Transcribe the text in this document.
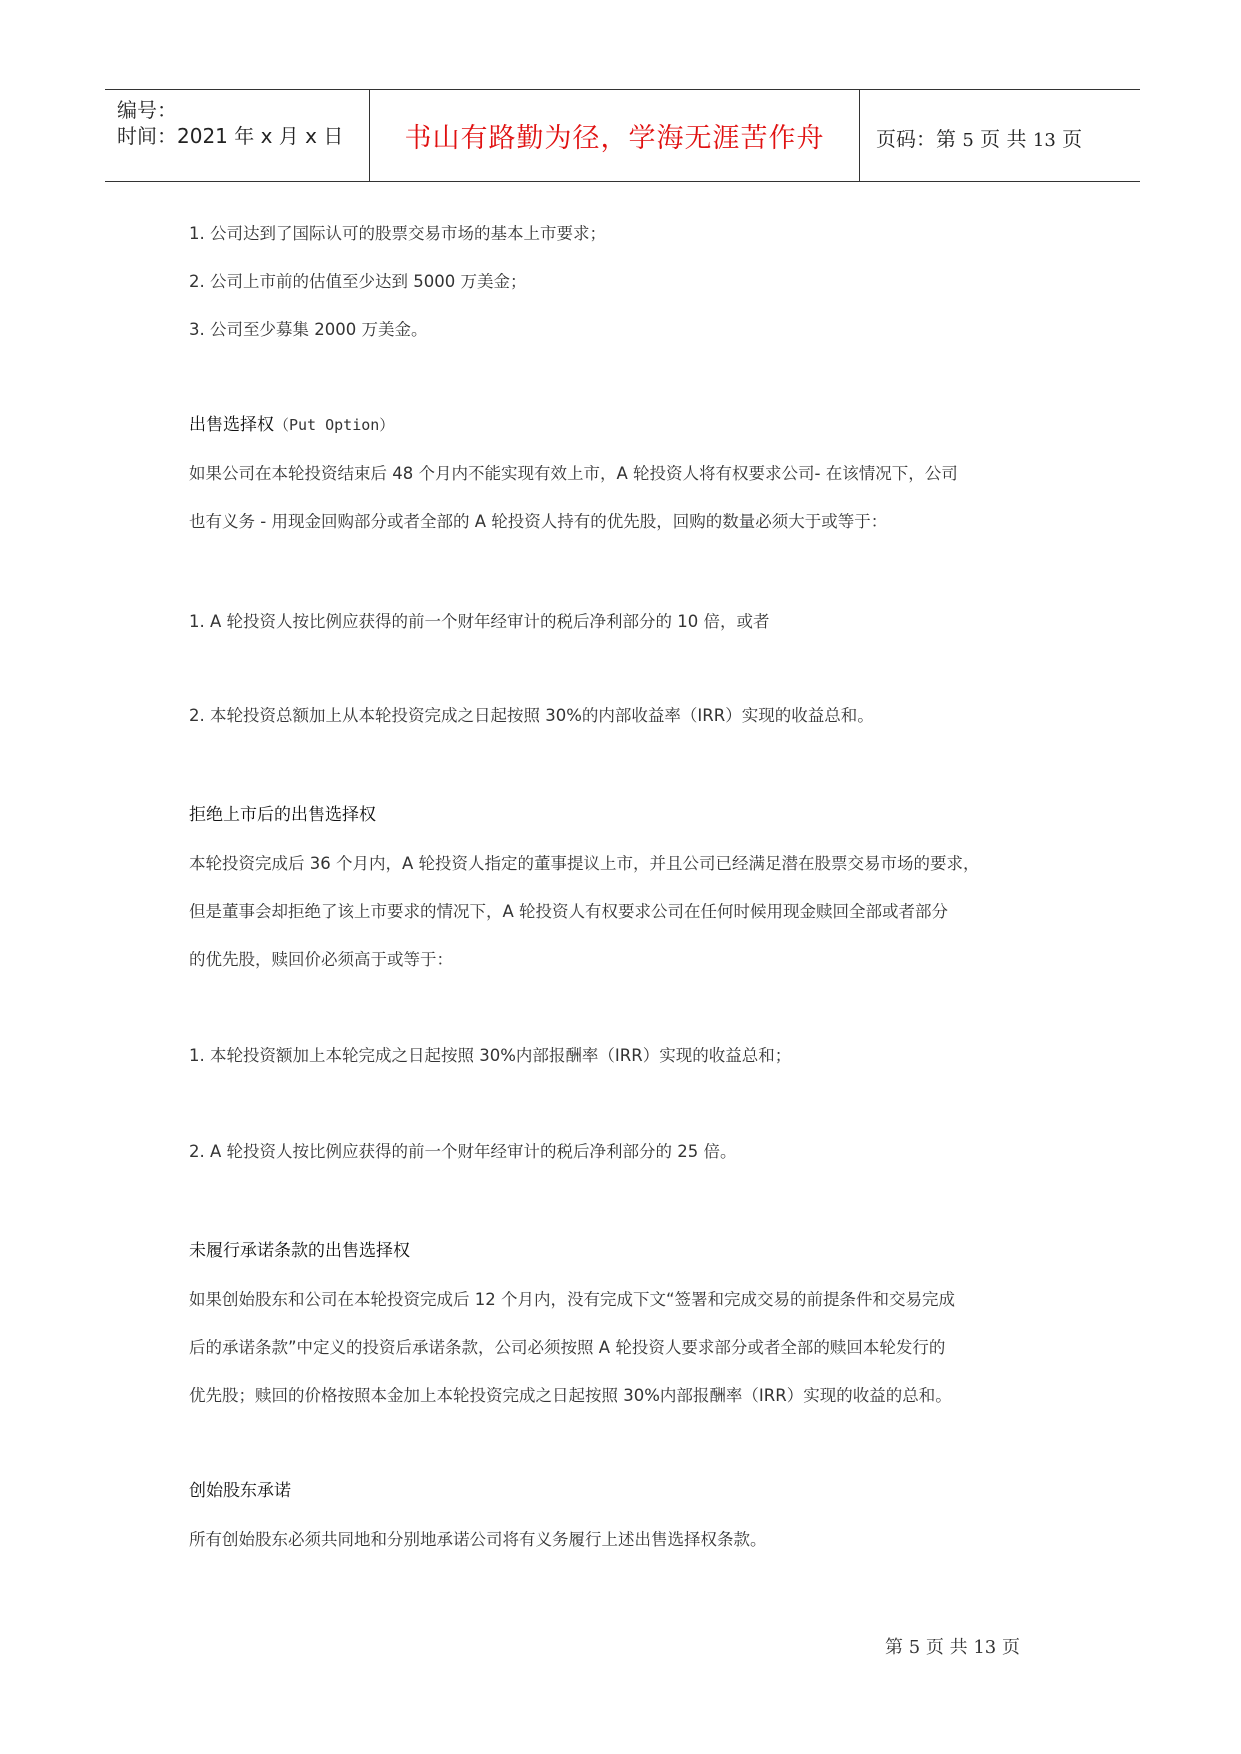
编号：
时间：2021 年 x 月 x 日	书山有路勤为径，学海无涯苦作舟	页码：第 5 页 共 13 页
1. 公司达到了国际认可的股票交易市场的基本上市要求；
2. 公司上市前的估值至少达到 5000 万美金；
3. 公司至少募集 2000 万美金。
出售选择权（Put Option）
如果公司在本轮投资结束后 48 个月内不能实现有效上市，A 轮投资人将有权要求公司- 在该情况下，公司
也有义务 - 用现金回购部分或者全部的 A 轮投资人持有的优先股，回购的数量必须大于或等于：
1. A 轮投资人按比例应获得的前一个财年经审计的税后净利部分的 10 倍，或者
2. 本轮投资总额加上从本轮投资完成之日起按照 30%的内部收益率（IRR）实现的收益总和。
拒绝上市后的出售选择权
本轮投资完成后 36 个月内，A 轮投资人指定的董事提议上市，并且公司已经满足潜在股票交易市场的要求，
但是董事会却拒绝了该上市要求的情况下，A 轮投资人有权要求公司在任何时候用现金赎回全部或者部分
的优先股，赎回价必须高于或等于：
1. 本轮投资额加上本轮完成之日起按照 30%内部报酬率（IRR）实现的收益总和；
2. A 轮投资人按比例应获得的前一个财年经审计的税后净利部分的 25 倍。
未履行承诺条款的出售选择权
如果创始股东和公司在本轮投资完成后 12 个月内，没有完成下文“签署和完成交易的前提条件和交易完成
后的承诺条款”中定义的投资后承诺条款，公司必须按照 A 轮投资人要求部分或者全部的赎回本轮发行的
优先股；赎回的价格按照本金加上本轮投资完成之日起按照 30%内部报酬率（IRR）实现的收益的总和。
创始股东承诺
所有创始股东必须共同地和分别地承诺公司将有义务履行上述出售选择权条款。
第 5 页 共 13 页
